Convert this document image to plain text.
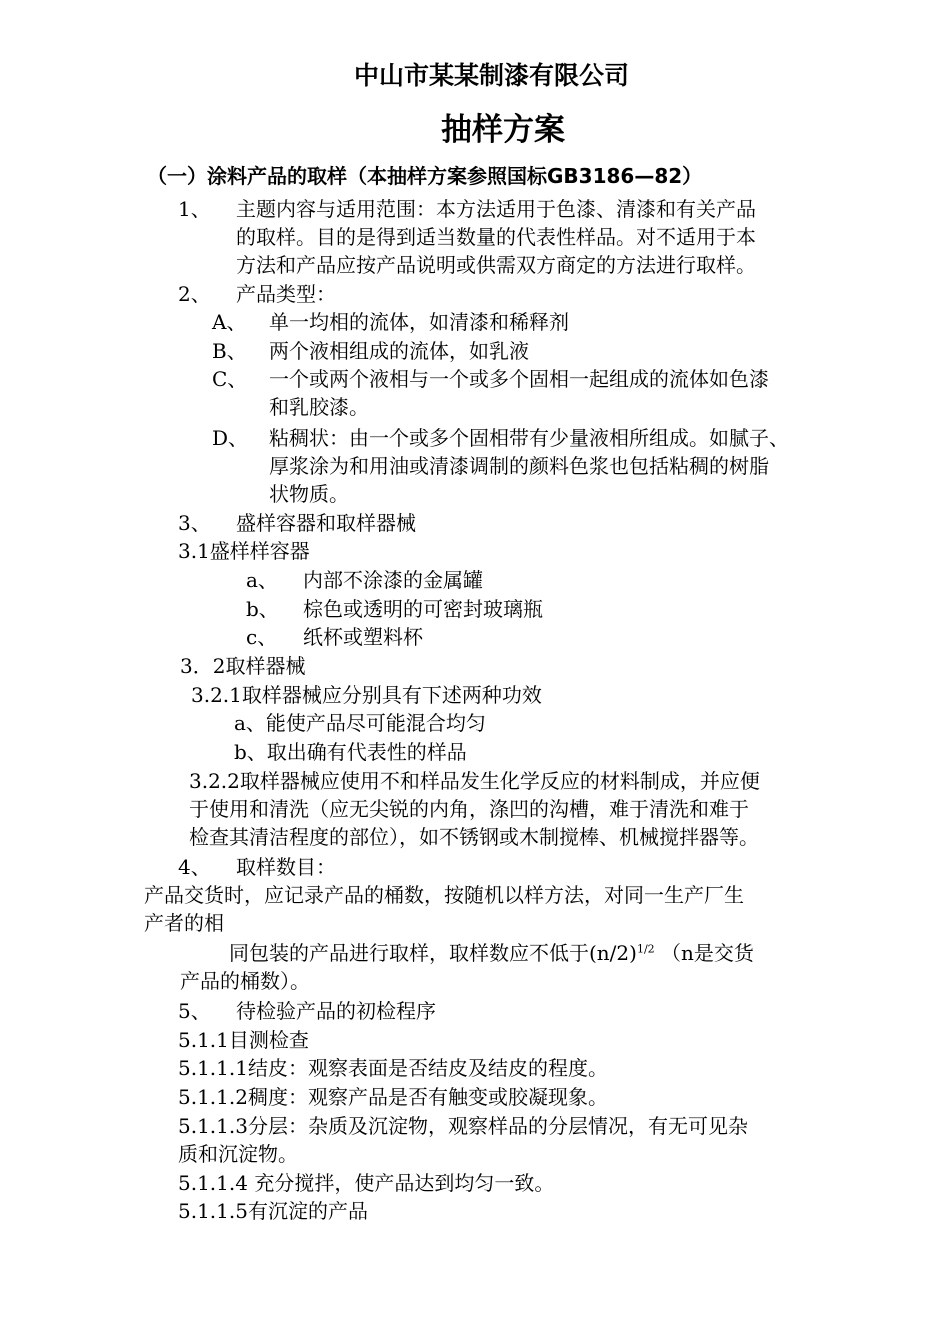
中山市某某制漆有限公司
抽样方案
（一）涂料产品的取样（本抽样方案参照国标GB3186—82）
1、 主题内容与适用范围：本方法适用于色漆、清漆和有关产品
的取样。目的是得到适当数量的代表性样品。对不适用于本
方法和产品应按产品说明或供需双方商定的方法进行取样。
2、 产品类型：
A、 单一均相的流体，如清漆和稀释剂
B、 两个液相组成的流体，如乳液
C、 一个或两个液相与一个或多个固相一起组成的流体如色漆
和乳胶漆。
D、 粘稠状：由一个或多个固相带有少量液相所组成。如腻子、
厚浆涂为和用油或清漆调制的颜料色浆也包括粘稠的树脂
状物质。
3、 盛样容器和取样器械
3.1盛样样容器
a、 内部不涂漆的金属罐
b、 棕色或透明的可密封玻璃瓶
c、 纸杯或塑料杯
3．2取样器械
3.2.1取样器械应分别具有下述两种功效
a、能使产品尽可能混合均匀
b、取出确有代表性的样品
3.2.2取样器械应使用不和样品发生化学反应的材料制成，并应便
于使用和清洗（应无尖锐的内角，涤凹的沟槽，难于清洗和难于
检查其清洁程度的部位），如不锈钢或木制搅棒、机械搅拌器等。
4、 取样数目：
产品交货时，应记录产品的桶数，按随机以样方法，对同一生产厂生
产者的相
同包装的产品进行取样，取样数应不低于$(n/2)^{1/2}$ （n是交货
产品的桶数）。
5、 待检验产品的初检程序
5.1.1目测检查
5.1.1.1结皮：观察表面是否结皮及结皮的程度。
5.1.1.2稠度：观察产品是否有触变或胶凝现象。
5.1.1.3分层：杂质及沉淀物，观察样品的分层情况，有无可见杂
质和沉淀物。
5.1.1.4 充分搅拌，使产品达到均匀一致。
5.1.1.5有沉淀的产品
